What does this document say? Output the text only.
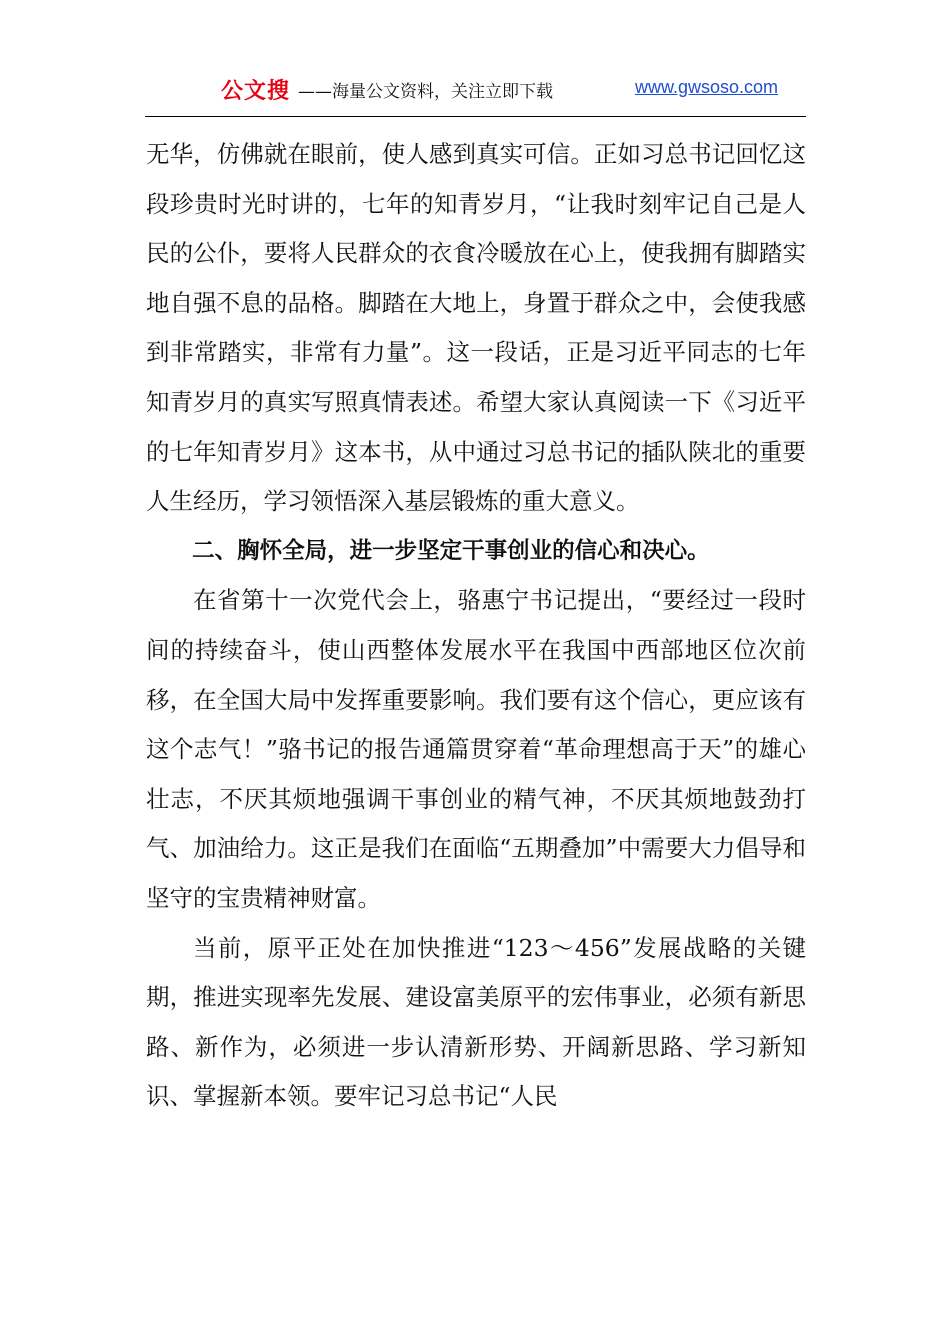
公文搜 ——海量公文资料，关注立即下载	www.gwsoso.com

无华，仿佛就在眼前，使人感到真实可信。正如习总书记回忆这段珍贵时光时讲的，七年的知青岁月，“让我时刻牢记自己是人民的公仆，要将人民群众的衣食冷暖放在心上，使我拥有脚踏实地自强不息的品格。脚踏在大地上，身置于群众之中，会使我感到非常踏实，非常有力量”。这一段话，正是习近平同志的七年知青岁月的真实写照真情表述。希望大家认真阅读一下《习近平的七年知青岁月》这本书，从中通过习总书记的插队陕北的重要人生经历，学习领悟深入基层锻炼的重大意义。

二、胸怀全局，进一步坚定干事创业的信心和决心。

在省第十一次党代会上，骆惠宁书记提出，“要经过一段时间的持续奋斗，使山西整体发展水平在我国中西部地区位次前移，在全国大局中发挥重要影响。我们要有这个信心，更应该有这个志气！”骆书记的报告通篇贯穿着“革命理想高于天”的雄心壮志，不厌其烦地强调干事创业的精气神，不厌其烦地鼓劲打气、加油给力。这正是我们在面临“五期叠加”中需要大力倡导和坚守的宝贵精神财富。

当前，原平正处在加快推进“123～456”发展战略的关键期，推进实现率先发展、建设富美原平的宏伟事业，必须有新思路、新作为，必须进一步认清新形势、开阔新思路、学习新知识、掌握新本领。要牢记习总书记“人民
